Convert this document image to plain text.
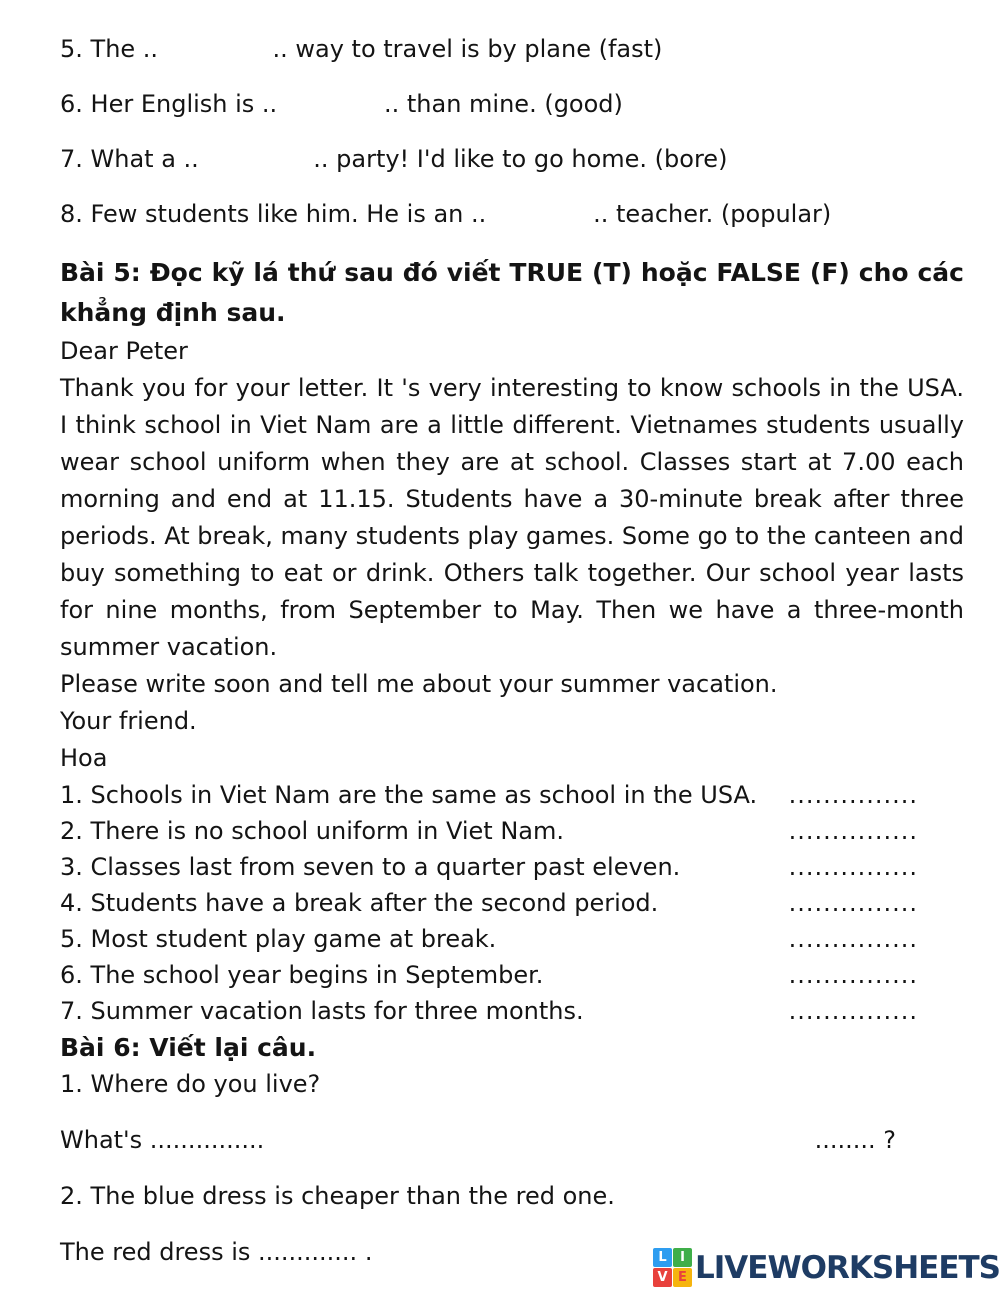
5. The ..               .. way to travel is by plane (fast)
6. Her English is ..              .. than mine. (good)
7. What a ..               .. party! I'd like to go home. (bore)
8. Few students like him. He is an ..              .. teacher. (popular)
Bài 5: Đọc kỹ lá thứ sau đó viết TRUE (T) hoặc FALSE (F) cho các
khẳng định sau.
Dear Peter
Thank you for your letter. It 's very interesting to know schools in the USA.
I think school in Viet Nam are a little different. Vietnames students usually
wear school uniform when they are at school. Classes start at 7.00 each
morning and end at 11.15. Students have a 30-minute break after three
periods. At break, many students play games. Some go to the canteen and
buy something to eat or drink. Others talk together. Our school year lasts
for nine months, from September to May. Then we have a three-month
summer vacation.
Please write soon and tell me about your summer vacation.
Your friend.
Hoa
1. Schools in Viet Nam are the same as school in the USA. ...............
2. There is no school uniform in Viet Nam.	...............
3. Classes last from seven to a quarter past eleven.	...............
4. Students have a break after the second period.	...............
5. Most student play game at break.	...............
6. The school year begins in September.	...............
7. Summer vacation lasts for three months.	...............
Bài 6: Viết lại câu.
1. Where do you live?
What's ...............	........ ?
2. The blue dress is cheaper than the red one.
The red dress is ............. .	L	I
V E LIVEWORKSHEETS
